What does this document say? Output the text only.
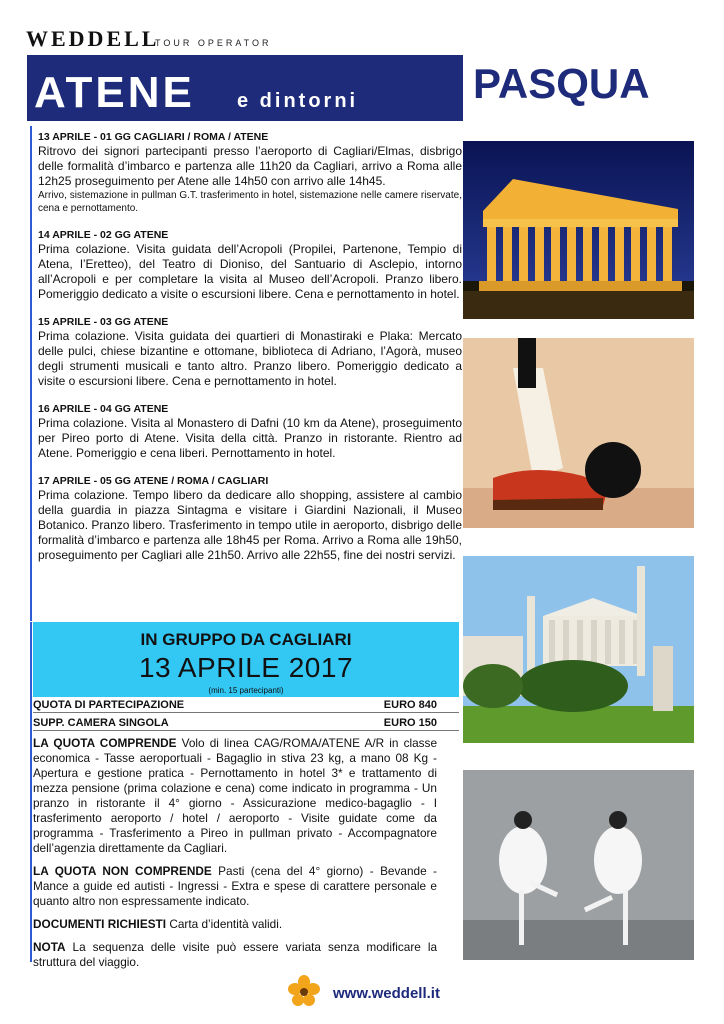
WEDDELL
TOUR OPERATOR
ATENE e dintorni	PASQUA
13 APRILE - 01 GG CAGLIARI / ROMA / ATENE
Ritrovo dei signori partecipanti presso l’aeroporto di Cagliari/Elmas, disbrigo delle formalità d’imbarco e partenza alle 11h20 da Cagliari, arrivo a Roma alle 12h25 proseguimento per Atene alle 14h50 con arrivo alle 14h45.
Arrivo, sistemazione in pullman G.T. trasferimento in hotel, sistemazione nelle camere riservate, cena e pernottamento.
14 APRILE - 02 GG ATENE
Prima colazione. Visita guidata dell’Acropoli (Propilei, Partenone, Tempio di Atena, l’Eretteo), del Teatro di Dioniso, del Santuario di Asclepio, intorno all’Acropoli e per completare la visita al Museo dell’Acropoli. Pranzo libero. Pomeriggio dedicato a visite o escursioni libere. Cena e pernottamento in hotel.
15 APRILE - 03 GG ATENE
Prima colazione. Visita guidata dei quartieri di Monastiraki e Plaka: Mercato delle pulci, chiese bizantine e ottomane, biblioteca di Adriano, l’Agorà, museo degli strumenti musicali e tanto altro. Pranzo libero. Pomeriggio dedicato a visite o escursioni libere. Cena e pernottamento in hotel.
16 APRILE - 04 GG ATENE
Prima colazione. Visita al Monastero di Dafni (10 km da Atene), proseguimento per Pireo porto di Atene. Visita della città. Pranzo in ristorante. Rientro ad Atene. Pomeriggio e cena liberi. Pernottamento in hotel.
17 APRILE - 05 GG ATENE / ROMA / CAGLIARI
Prima colazione. Tempo libero da dedicare allo shopping, assistere al cambio della guardia in piazza Sintagma e visitare i Giardini Nazionali, il Museo Botanico. Pranzo libero. Trasferimento in tempo utile in aeroporto, disbrigo delle formalità d’imbarco e partenza alle 18h45 per Roma. Arrivo a Roma alle 19h50, proseguimento per Cagliari alle 21h50. Arrivo alle 22h55, fine dei nostri servizi.
IN GRUPPO DA CAGLIARI
13 APRILE 2017
(min. 15 partecipanti)
QUOTA DI PARTECIPAZIONE	EURO 840
SUPP. CAMERA SINGOLA	EURO 150

LA QUOTA COMPRENDE Volo di linea CAG/ROMA/ATENE A/R in classe economica - Tasse aeroportuali - Bagaglio in stiva 23 kg, a mano 08 Kg - Apertura e gestione pratica - Pernottamento in hotel 3* e trattamento di mezza pensione (prima colazione e cena) come indicato in programma - Un pranzo in ristorante il 4° giorno - Assicurazione medico-bagaglio - I trasferimento aeroporto / hotel / aeroporto - Visite guidate come da programma - Trasferimento a Pireo in pullman privato - Accompagnatore dell’agenzia direttamente da Cagliari.

LA QUOTA NON COMPRENDE Pasti (cena del 4° giorno) - Bevande - Mance a guide ed autisti - Ingressi - Extra e spese di carattere personale e quanto altro non espressamente indicato.

DOCUMENTI RICHIESTI Carta d’identità validi.

NOTA La sequenza delle visite può essere variata senza modificare la struttura del viaggio.

www.weddell.it
